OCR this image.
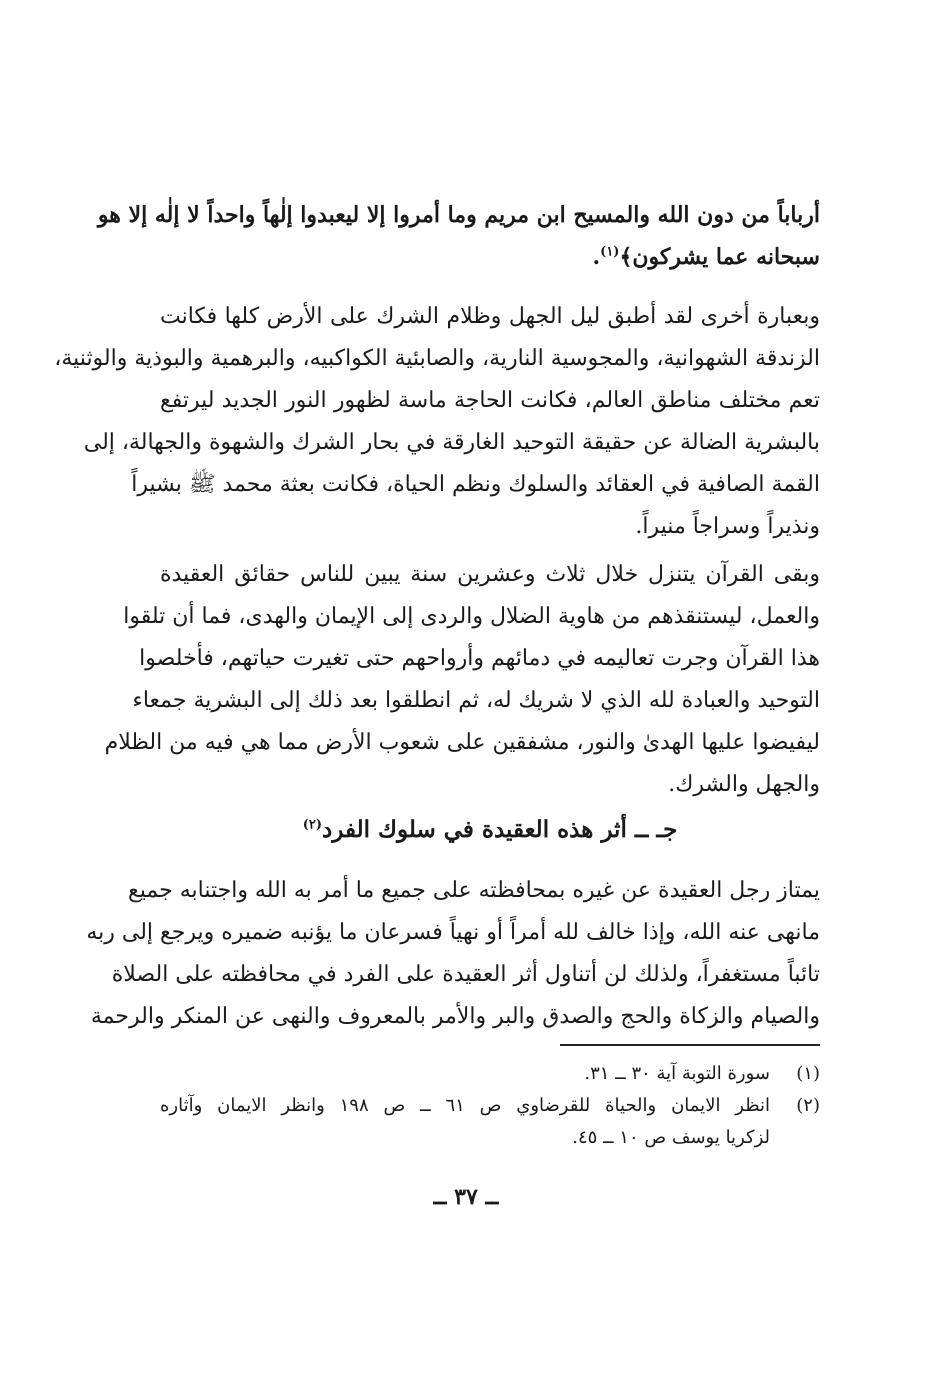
أرباباً من دون الله والمسيح ابن مريم وما أمروا إلا ليعبدوا إلٰهاً واحداً لا إلٰه إلا هو
سبحانه عما يشركون﴾$^{(١)}$.
وبعبارة أخرى لقد أطبق ليل الجهل وظلام الشرك على الأرض كلها فكانت
الزندقة الشهوانية، والمجوسية النارية، والصابئية الكواكبيه، والبرهمية والبوذية والوثنية،
تعم مختلف مناطق العالم، فكانت الحاجة ماسة لظهور النور الجديد ليرتفع
بالبشرية الضالة عن حقيقة التوحيد الغارقة في بحار الشرك والشهوة والجهالة، إلى
القمة الصافية في العقائد والسلوك ونظم الحياة، فكانت بعثة محمد ﷺ بشيراً
ونذيراً وسراجاً منيراً.
وبقى القرآن يتنزل خلال ثلاث وعشرين سنة يبين للناس حقائق العقيدة
والعمل، ليستنقذهم من هاوية الضلال والردى إلى الإيمان والهدى، فما أن تلقوا
هذا القرآن وجرت تعاليمه في دمائهم وأرواحهم حتى تغيرت حياتهم، فأخلصوا
التوحيد والعبادة لله الذي لا شريك له، ثم انطلقوا بعد ذلك إلى البشرية جمعاء
ليفيضوا عليها الهدىٰ والنور، مشفقين على شعوب الأرض مما هي فيه من الظلام
والجهل والشرك.
جـ ــ أثر هذه العقيدة في سلوك الفرد$^{(٢)}$
يمتاز رجل العقيدة عن غيره بمحافظته على جميع ما أمر به الله واجتنابه جميع
مانهى عنه الله، وإذا خالف لله أمراً أو نهياً فسرعان ما يؤنبه ضميره ويرجع إلى ربه
تائباً مستغفراً، ولذلك لن أتناول أثر العقيدة على الفرد في محافظته على الصلاة
والصيام والزكاة والحج والصدق والبر والأمر بالمعروف والنهى عن المنكر والرحمة
(١)
سورة التوبة آية ٣٠ ــ ٣١.
(٢)
انظر الايمان والحياة للقرضاوي ص ٦١ ــ ص ١٩٨ وانظر الايمان وآثاره
لزكريا يوسف ص ١٠ ــ ٤٥.
ــ ٣٧ ــ
